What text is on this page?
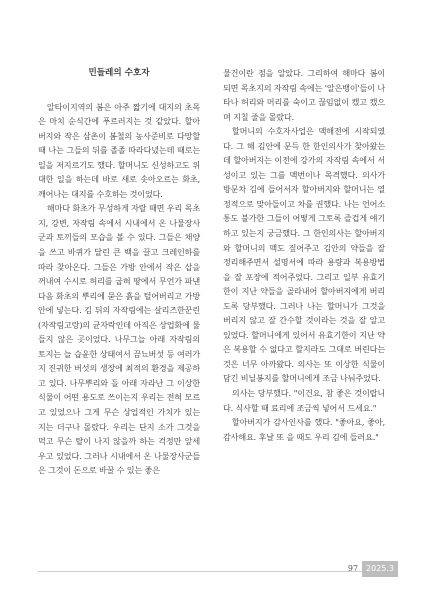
민들레의 수호자

알타이지역의 봄은 아주 짧기에 대지의 초목은 마치 순식간에 푸르러지는 것 같았다. 할아버지와 작은 삼촌이 봄철의 농사준비로 다망할 때 나는 그들의 뒤를 졸졸 따라다녔는데 때로는 일을 저지르기도 했다. 할머니도 신성하고도 위대한 일을 하는데 바로 새로 솟아오르는 화초, 깨어나는 대지를 수호하는 것이었다.

해마다 화초가 무성하게 자랄 때면 우리 목초지, 강변, 자작림 속에서 시내에서 온 나물장사군과 토끼들의 모습을 볼 수 있다. 그들은 채양을 쓰고 바퀴가 달린 큰 백을 끌고 크레인하를 따라 찾아온다. 그들은 가방 안에서 작은 삽을 꺼내여 수시로 허리를 굽혀 땅에서 무언가 파낸 다음 화초의 뿌리에 묻은 흙을 털어버리고 가방 안에 넣는다. 김 뒤의 자작림에는 살리즈한꾼린(자작림고랑)의 균자락인데 아직은 상업화에 물들지 않은 곳이었다. 나무그늘 아래 자작림의 토지는 늘 습윤한 상태여서 끔뇨버섯 등 여러가지 진귀한 버섯의 생장에 최적의 환경을 제공하고 있다. 나무뿌리와 돌 아래 자라난 그 이상한 식물이 어떤 용도로 쓰이는지 우리는 전혀 모르고 있었으나 그게 무슨 상업적인 가치가 있는 지는 더구나 몰랐다. 우리는 단지 소가 그것을 먹고 무슨 탈이 나지 않을까 하는 걱정만 앞세우고 있었다. 그러나 시내에서 온 나물장사군들은 그것이 돈으로 바꿀 수 있는 좋은

물건이란 점을 알았다. 그리하여 해마다 봄이 되면 목초지의 자작림 속에는 '알은뱅이'들이 나타나 허리와 머리를 숙이고 끊임없이 캤고 캤으며 지칠 줄을 몰랐다.

할머니의 수호자사업은 맥해전에 시작되였다. 그 해 김안에 문득 한 한인의사가 찾아왔는데 할아버지는 이전에 강가의 자작림 속에서 서성이고 있는 그를 맥번이나 목격했다. 의사가 방문차 김에 들어서자 할아버지와 할머니는 열정적으로 맞아들이고 차를 권했다. 나는 언어소통도 불가한 그들이 어떻게 그토록 즐겁게 얘기하고 있는지 궁금했다. 그 한인의사는 할아버지와 할머니의 맥도 짚어주고 김안의 약들을 잘 정리해주면서 설명서에 따라 용량과 복용방법을 잘 포장에 적어주었다. 그리고 일부 유효기한이 지난 약들을 골라내어 할아버지에게 버리도록 당부했다. 그러나 나는 할머니가 그것을 버리지 않고 잘 간수할 것이라는 것을 잘 알고 있었다. 할머니에게 있어서 유효기한이 지난 약은 복용할 수 없다고 할지라도 그대로 버린다는 것은 너무 아까왔다. 의사는 또 이상한 식물이 담긴 비닐봉지를 할머니에게 조금 나눠주었다.

의사는 당부했다. "이건요, 참 좋은 것이랍니다. 식사할 때 료리에 조금씩 넣어서 드세요."

할아버지가 감사인사를 했다. "좋아요, 좋아, 감사해요. 후날 또 을 때도 우리 김에 들러요."

97 2025.3
